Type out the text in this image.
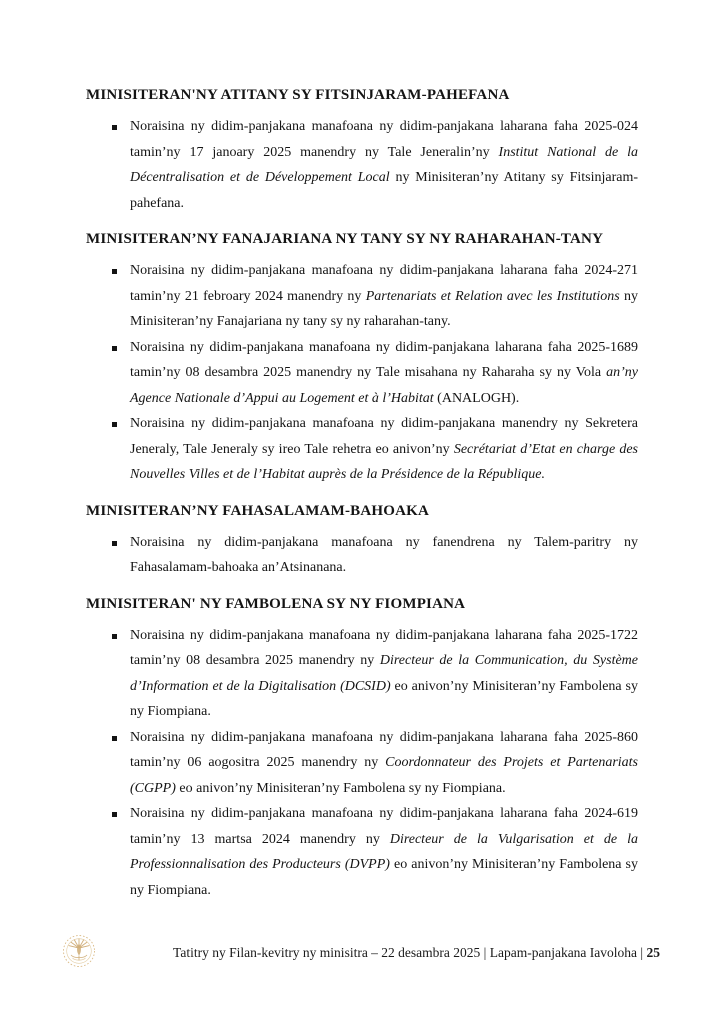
MINISITERAN'NY ATITANY SY FITSINJARAM-PAHEFANA

Noraisina ny didim-panjakana manafoana ny didim-panjakana laharana faha 2025-024 tamin’ny 17 janoary 2025 manendry ny Tale Jeneralin’ny Institut National de la Décentralisation et de Développement Local ny Minisiteran’ny Atitany sy Fitsinjaram-pahefana.

MINISITERAN’NY FANAJARIANA NY TANY SY NY RAHARAHAN-TANY

Noraisina ny didim-panjakana manafoana ny didim-panjakana laharana faha 2024-271 tamin’ny 21 febroary 2024 manendry ny Partenariats et Relation avec les Institutions ny Minisiteran’ny Fanajariana ny tany sy ny raharahan-tany.

Noraisina ny didim-panjakana manafoana ny didim-panjakana laharana faha 2025-1689 tamin’ny 08 desambra 2025 manendry ny Tale misahana ny Raharaha sy ny Vola an’ny Agence Nationale d’Appui au Logement et à l’Habitat (ANALOGH).

Noraisina ny didim-panjakana manafoana ny didim-panjakana manendry ny Sekretera Jeneraly, Tale Jeneraly sy ireo Tale rehetra eo anivon’ny Secrétariat d’Etat en charge des Nouvelles Villes et de l’Habitat auprès de la Présidence de la République.

MINISITERAN’NY FAHASALAMAM-BAHOAKA

Noraisina ny didim-panjakana manafoana ny fanendrena ny Talem-paritry ny Fahasalamam-bahoaka an’Atsinanana.

MINISITERAN' NY FAMBOLENA SY NY FIOMPIANA

Noraisina ny didim-panjakana manafoana ny didim-panjakana laharana faha 2025-1722 tamin’ny 08 desambra 2025 manendry ny Directeur de la Communication, du Système d’Information et de la Digitalisation (DCSID) eo anivon’ny Minisiteran’ny Fambolena sy ny Fiompiana.

Noraisina ny didim-panjakana manafoana ny didim-panjakana laharana faha 2025-860 tamin’ny 06 aogositra 2025 manendry ny Coordonnateur des Projets et Partenariats (CGPP) eo anivon’ny Minisiteran’ny Fambolena sy ny Fiompiana.

Noraisina ny didim-panjakana manafoana ny didim-panjakana laharana faha 2024-619 tamin’ny 13 martsa 2024 manendry ny Directeur de la Vulgarisation et de la Professionnalisation des Producteurs (DVPP) eo anivon’ny Minisiteran’ny Fambolena sy ny Fiompiana.

Tatitry ny Filan-kevitry ny minisitra – 22 desambra 2025 | Lapam-panjakana Iavoloha | 25
